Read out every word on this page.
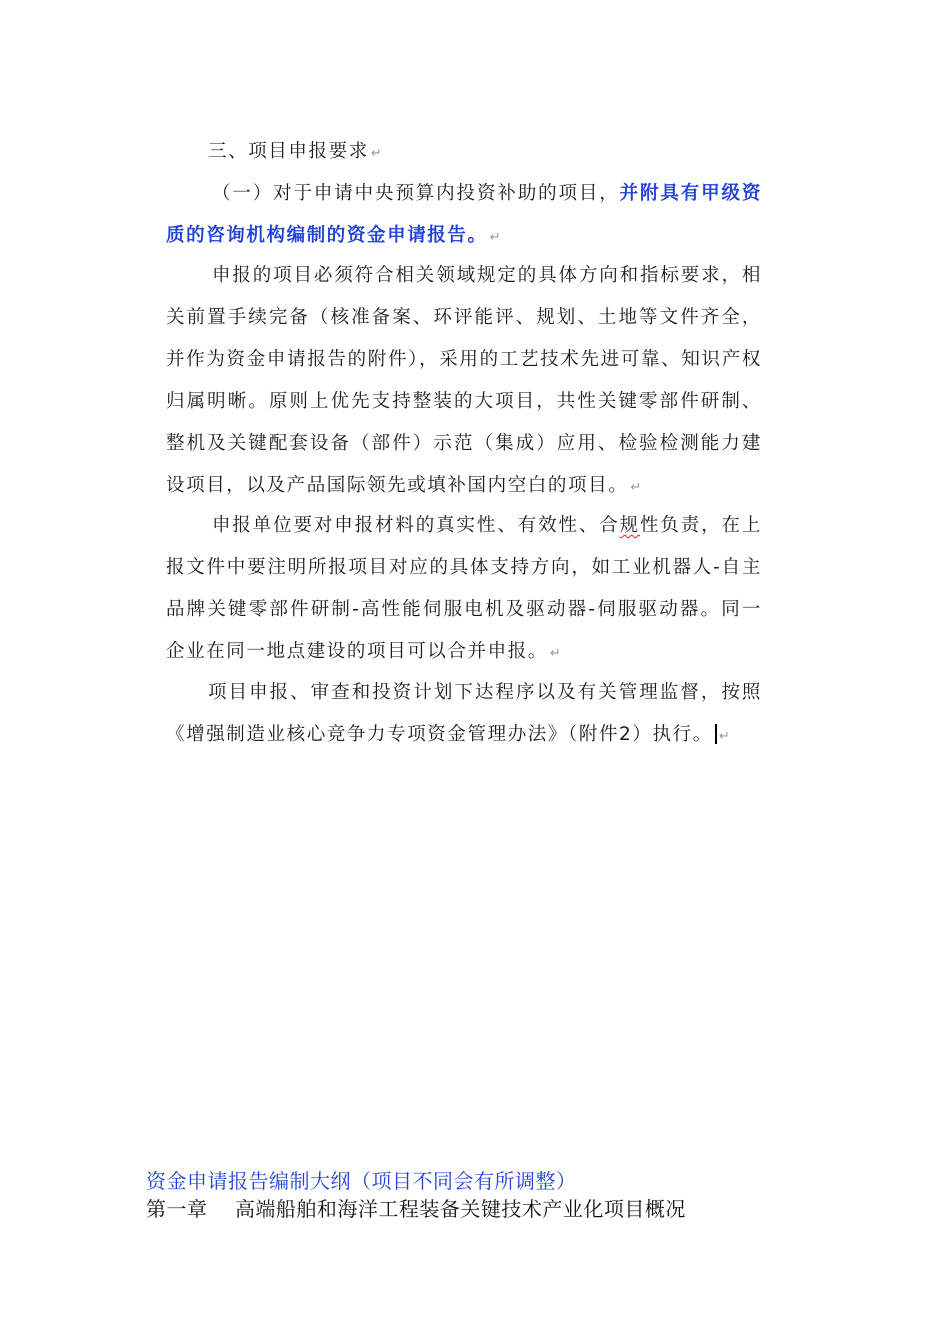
三、项目申报要求 ↵
（一）对于申请中央预算内投资补助的项目，并附具有甲级资质的咨询机构编制的资金申请报告。 ↵
申报的项目必须符合相关领域规定的具体方向和指标要求，相关前置手续完备（核准备案、环评能评、规划、土地等文件齐全，并作为资金申请报告的附件），采用的工艺技术先进可靠、知识产权归属明晰。原则上优先支持整装的大项目，共性关键零部件研制、整机及关键配套设备（部件）示范（集成）应用、检验检测能力建设项目，以及产品国际领先或填补国内空白的项目。 ↵
申报单位要对申报材料的真实性、有效性、合规性负责，在上报文件中要注明所报项目对应的具体支持方向，如工业机器人-自主品牌关键零部件研制-高性能伺服电机及驱动器-伺服驱动器。同一企业在同一地点建设的项目可以合并申报。 ↵
项目申报、审查和投资计划下达程序以及有关管理监督，按照《增强制造业核心竞争力专项资金管理办法》（附件2）执行。 ↵
资金申请报告编制大纲（项目不同会有所调整）
第一章 高端船舶和海洋工程装备关键技术产业化项目概况
